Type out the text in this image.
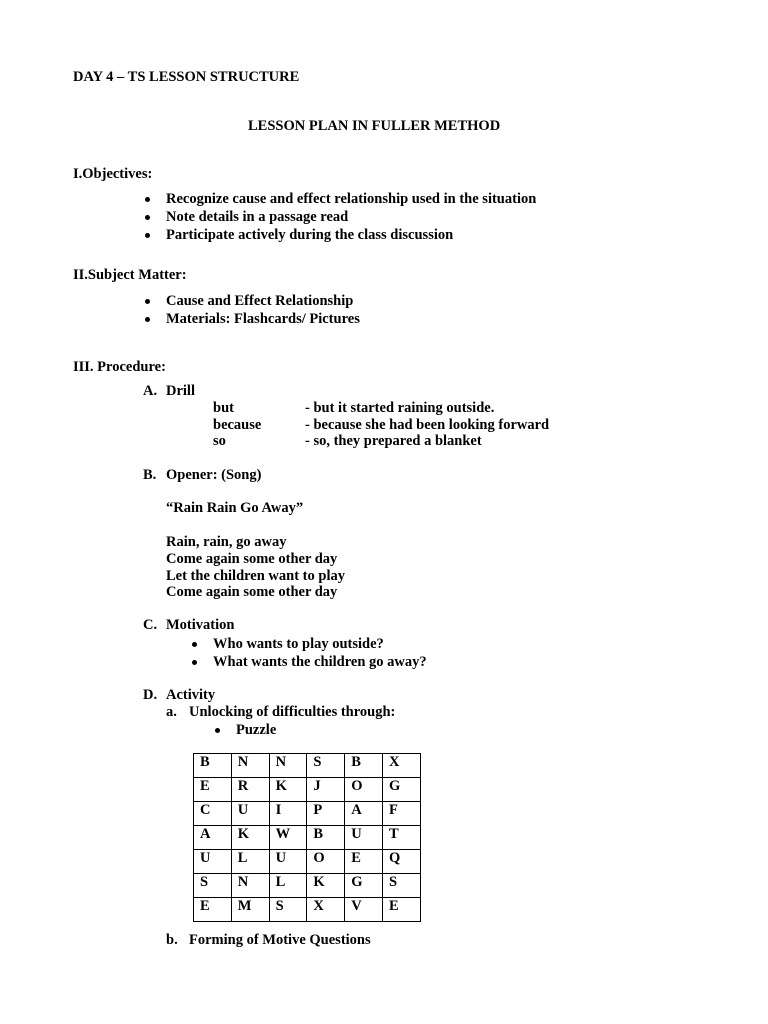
DAY 4 – TS LESSON STRUCTURE
LESSON PLAN IN FULLER METHOD
I.Objectives:
Recognize cause and effect relationship used in the situation
Note details in a passage read
Participate actively during the class discussion
II.Subject Matter:
Cause and Effect Relationship
Materials: Flashcards/ Pictures
III. Procedure:
A. Drill
but	- but it started raining outside.
because	- because she had been looking forward
so	- so, they prepared a blanket
B. Opener: (Song)
“Rain Rain Go Away”
Rain, rain, go away
Come again some other day
Let the children want to play
Come again some other day
C. Motivation
Who wants to play outside?
What wants the children go away?
D. Activity
a. Unlocking of difficulties through:
Puzzle
B	N	N	S	B	X
E	R	K	J	O	G
C	U	I	P	A	F
A	K	W	B	U	T
U	L	U	O	E	Q
S	N	L	K	G	S
E	M	S	X	V	E
b. Forming of Motive Questions
